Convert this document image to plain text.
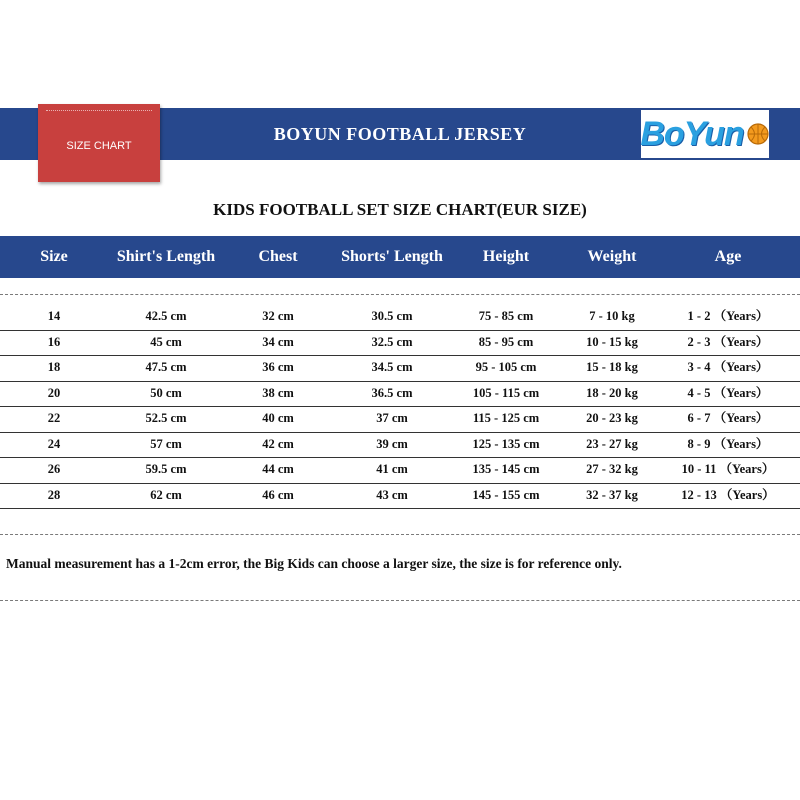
SIZE CHART
BOYUN FOOTBALL JERSEY	BoYun
KIDS FOOTBALL SET SIZE CHART(EUR SIZE)
Size	Shirt's Length	Chest	Shorts' Length	Height	Weight	Age
14	42.5 cm	32 cm	30.5 cm	75 - 85 cm	7 - 10 kg	1 - 2 （Years）
16	45 cm	34 cm	32.5 cm	85 - 95 cm	10 - 15 kg	2 - 3 （Years）
18	47.5 cm	36 cm	34.5 cm	95 - 105 cm	15 - 18 kg	3 - 4 （Years）
20	50 cm	38 cm	36.5 cm	105 - 115 cm	18 - 20 kg	4 - 5 （Years）
22	52.5 cm	40 cm	37 cm	115 - 125 cm	20 - 23 kg	6 - 7 （Years）
24	57 cm	42 cm	39 cm	125 - 135 cm	23 - 27 kg	8 - 9 （Years）
26	59.5 cm	44 cm	41 cm	135 - 145 cm	27 - 32 kg	10 - 11 （Years）
28	62 cm	46 cm	43 cm	145 - 155 cm	32 - 37 kg	12 - 13 （Years）
Manual measurement has a 1-2cm error, the Big Kids can choose a larger size, the size is for reference only.
